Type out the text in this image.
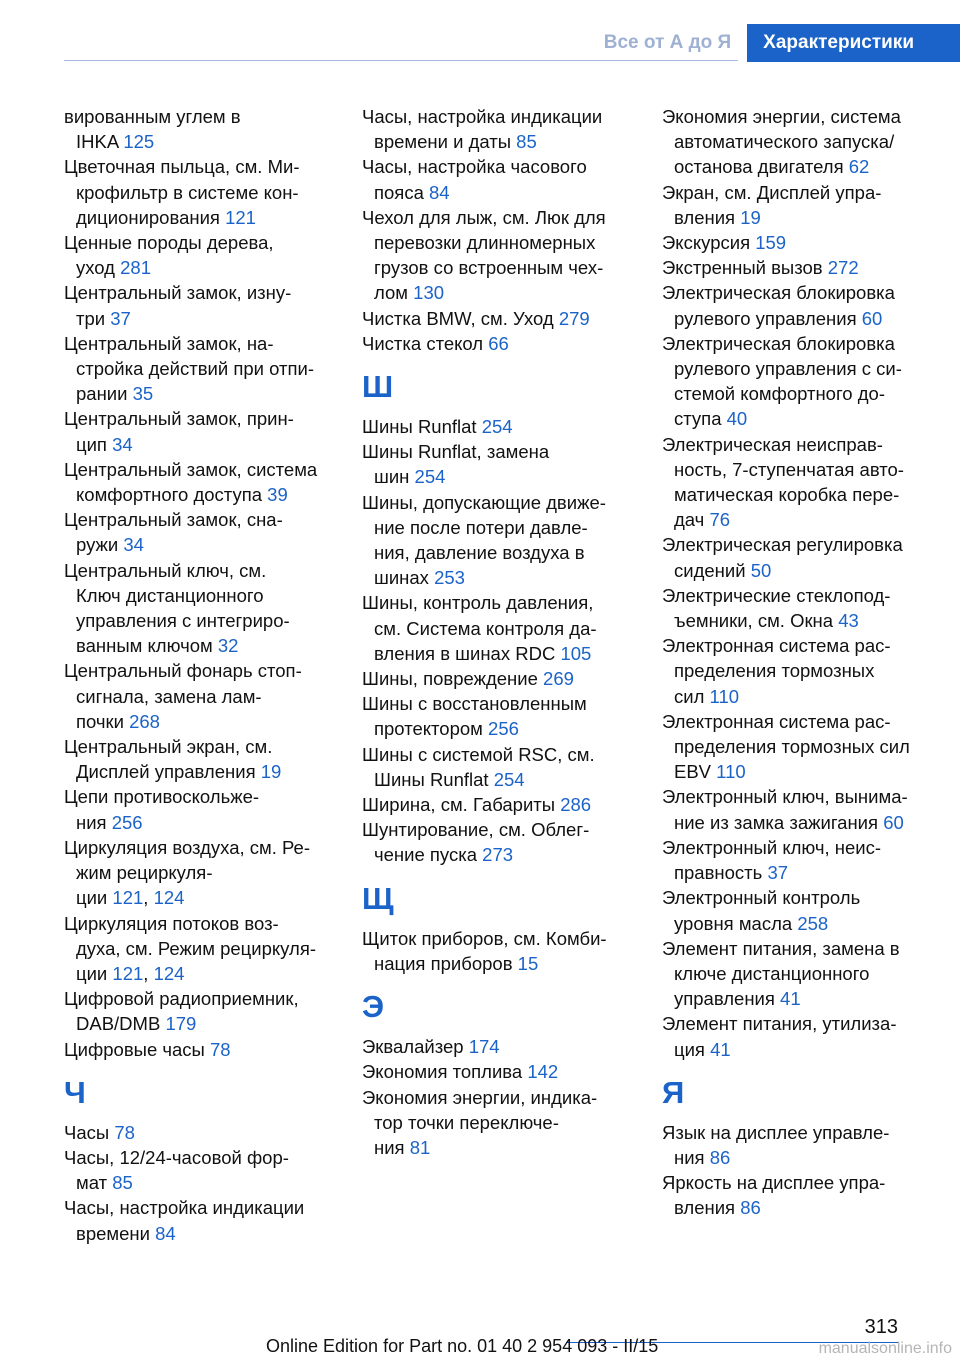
Все от А до Я	Характеристики
вированным углем в
IHKA 125
Цветочная пыльца, см. Ми-
крофильтр в системе кон-
диционирования 121
Ценные породы дерева,
уход 281
Центральный замок, изну-
три 37
Центральный замок, на-
стройка действий при отпи-
рании 35
Центральный замок, прин-
цип 34
Центральный замок, система
комфортного доступа 39
Центральный замок, сна-
ружи 34
Центральный ключ, см.
Ключ дистанционного
управления с интегриро-
ванным ключом 32
Центральный фонарь стоп-
сигнала, замена лам-
почки 268
Центральный экран, см.
Дисплей управления 19
Цепи противоскольже-
ния 256
Циркуляция воздуха, см. Ре-
жим рециркуля-
ции 121, 124
Циркуляция потоков воз-
духа, см. Режим рециркуля-
ции 121, 124
Цифровой радиоприемник,
DAB/DMB 179
Цифровые часы 78
Ч
Часы 78
Часы, 12/24-часовой фор-
мат 85
Часы, настройка индикации
времени 84
Часы, настройка индикации
времени и даты 85
Часы, настройка часового
пояса 84
Чехол для лыж, см. Люк для
перевозки длинномерных
грузов со встроенным чех-
лом 130
Чистка BMW, см. Уход 279
Чистка стекол 66
Ш
Шины Runflat 254
Шины Runflat, замена
шин 254
Шины, допускающие движе-
ние после потери давле-
ния, давление воздуха в
шинах 253
Шины, контроль давления,
см. Система контроля да-
вления в шинах RDC 105
Шины, повреждение 269
Шины с восстановленным
протектором 256
Шины с системой RSC, см.
Шины Runflat 254
Ширина, см. Габариты 286
Шунтирование, см. Облег-
чение пуска 273
Щ
Щиток приборов, см. Комби-
нация приборов 15
Э
Эквалайзер 174
Экономия топлива 142
Экономия энергии, индика-
тор точки переключе-
ния 81
Экономия энергии, система
автоматического запуска/
останова двигателя 62
Экран, см. Дисплей упра-
вления 19
Экскурсия 159
Экстренный вызов 272
Электрическая блокировка
рулевого управления 60
Электрическая блокировка
рулевого управления с си-
стемой комфортного до-
ступа 40
Электрическая неисправ-
ность, 7-ступенчатая авто-
матическая коробка пере-
дач 76
Электрическая регулировка
сидений 50
Электрические стеклопод-
ъемники, см. Окна 43
Электронная система рас-
пределения тормозных
сил 110
Электронная система рас-
пределения тормозных сил
EBV 110
Электронный ключ, вынима-
ние из замка зажигания 60
Электронный ключ, неис-
правность 37
Электронный контроль
уровня масла 258
Элемент питания, замена в
ключе дистанционного
управления 41
Элемент питания, утилиза-
ция 41
Я
Язык на дисплее управле-
ния 86
Яркость на дисплее упра-
вления 86
313
Online Edition for Part no. 01 40 2 954 093 - II/15	manualsonline.info
